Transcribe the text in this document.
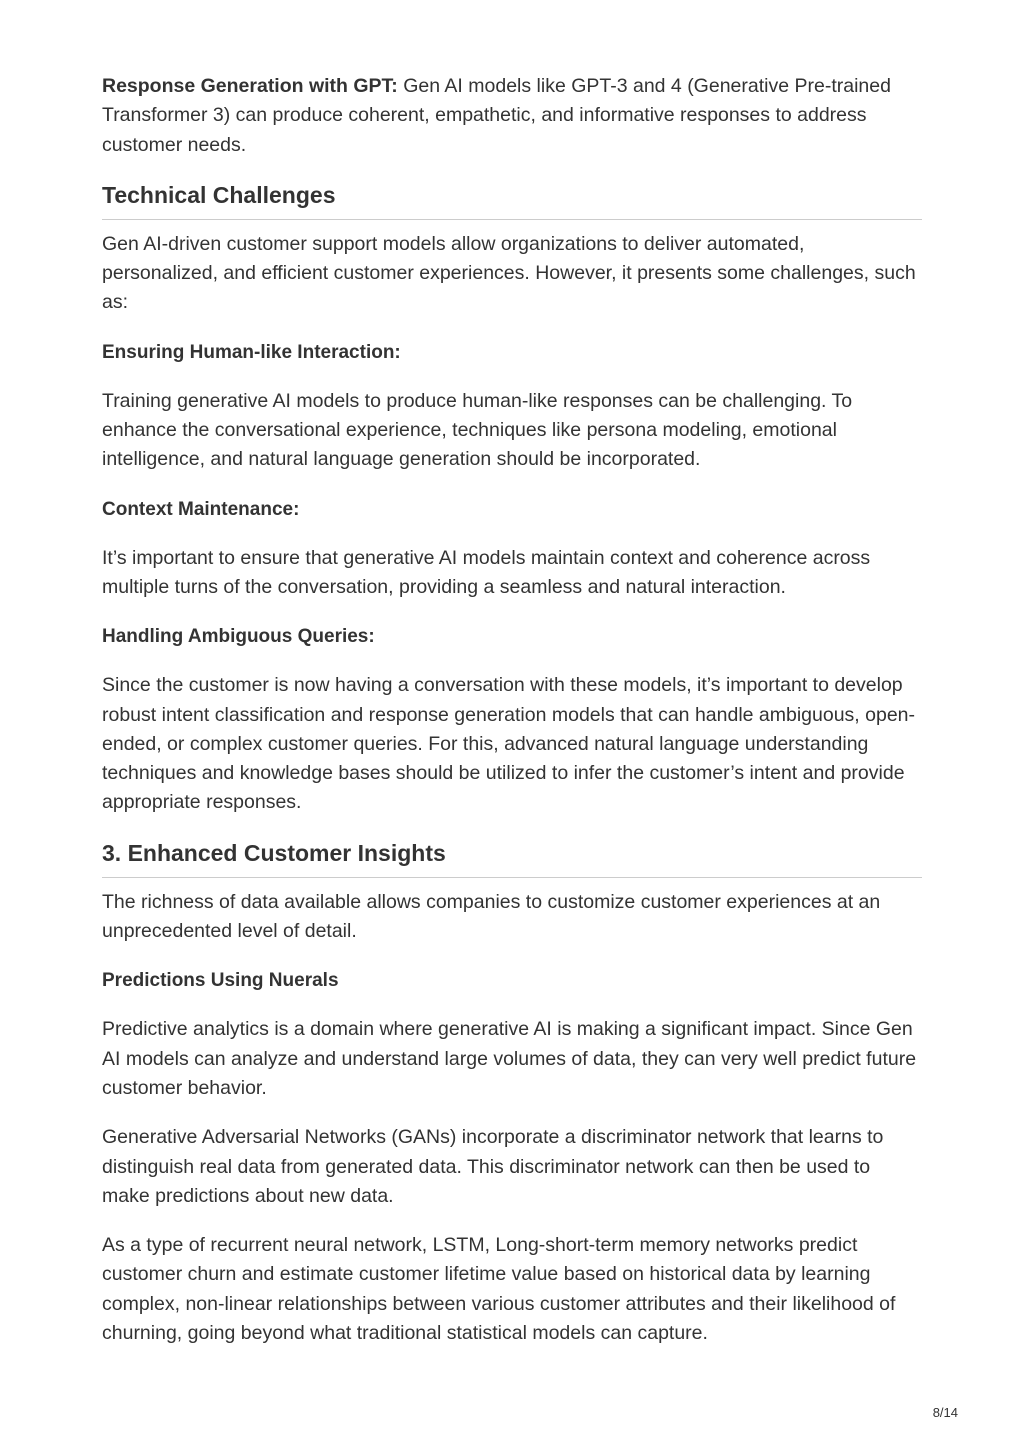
Response Generation with GPT: Gen AI models like GPT-3 and 4 (Generative Pre-trained Transformer 3) can produce coherent, empathetic, and informative responses to address customer needs.

Technical Challenges

Gen AI-driven customer support models allow organizations to deliver automated, personalized, and efficient customer experiences. However, it presents some challenges, such as:

Ensuring Human-like Interaction:

Training generative AI models to produce human-like responses can be challenging. To enhance the conversational experience, techniques like persona modeling, emotional intelligence, and natural language generation should be incorporated.

Context Maintenance:

It’s important to ensure that generative AI models maintain context and coherence across multiple turns of the conversation, providing a seamless and natural interaction.

Handling Ambiguous Queries:

Since the customer is now having a conversation with these models, it’s important to develop robust intent classification and response generation models that can handle ambiguous, open-ended, or complex customer queries. For this, advanced natural language understanding techniques and knowledge bases should be utilized to infer the customer’s intent and provide appropriate responses.

3. Enhanced Customer Insights

The richness of data available allows companies to customize customer experiences at an unprecedented level of detail.

Predictions Using Nuerals

Predictive analytics is a domain where generative AI is making a significant impact. Since Gen AI models can analyze and understand large volumes of data, they can very well predict future customer behavior.

Generative Adversarial Networks (GANs) incorporate a discriminator network that learns to distinguish real data from generated data. This discriminator network can then be used to make predictions about new data.

As a type of recurrent neural network, LSTM, Long-short-term memory networks predict customer churn and estimate customer lifetime value based on historical data by learning complex, non-linear relationships between various customer attributes and their likelihood of churning, going beyond what traditional statistical models can capture.

8/14
